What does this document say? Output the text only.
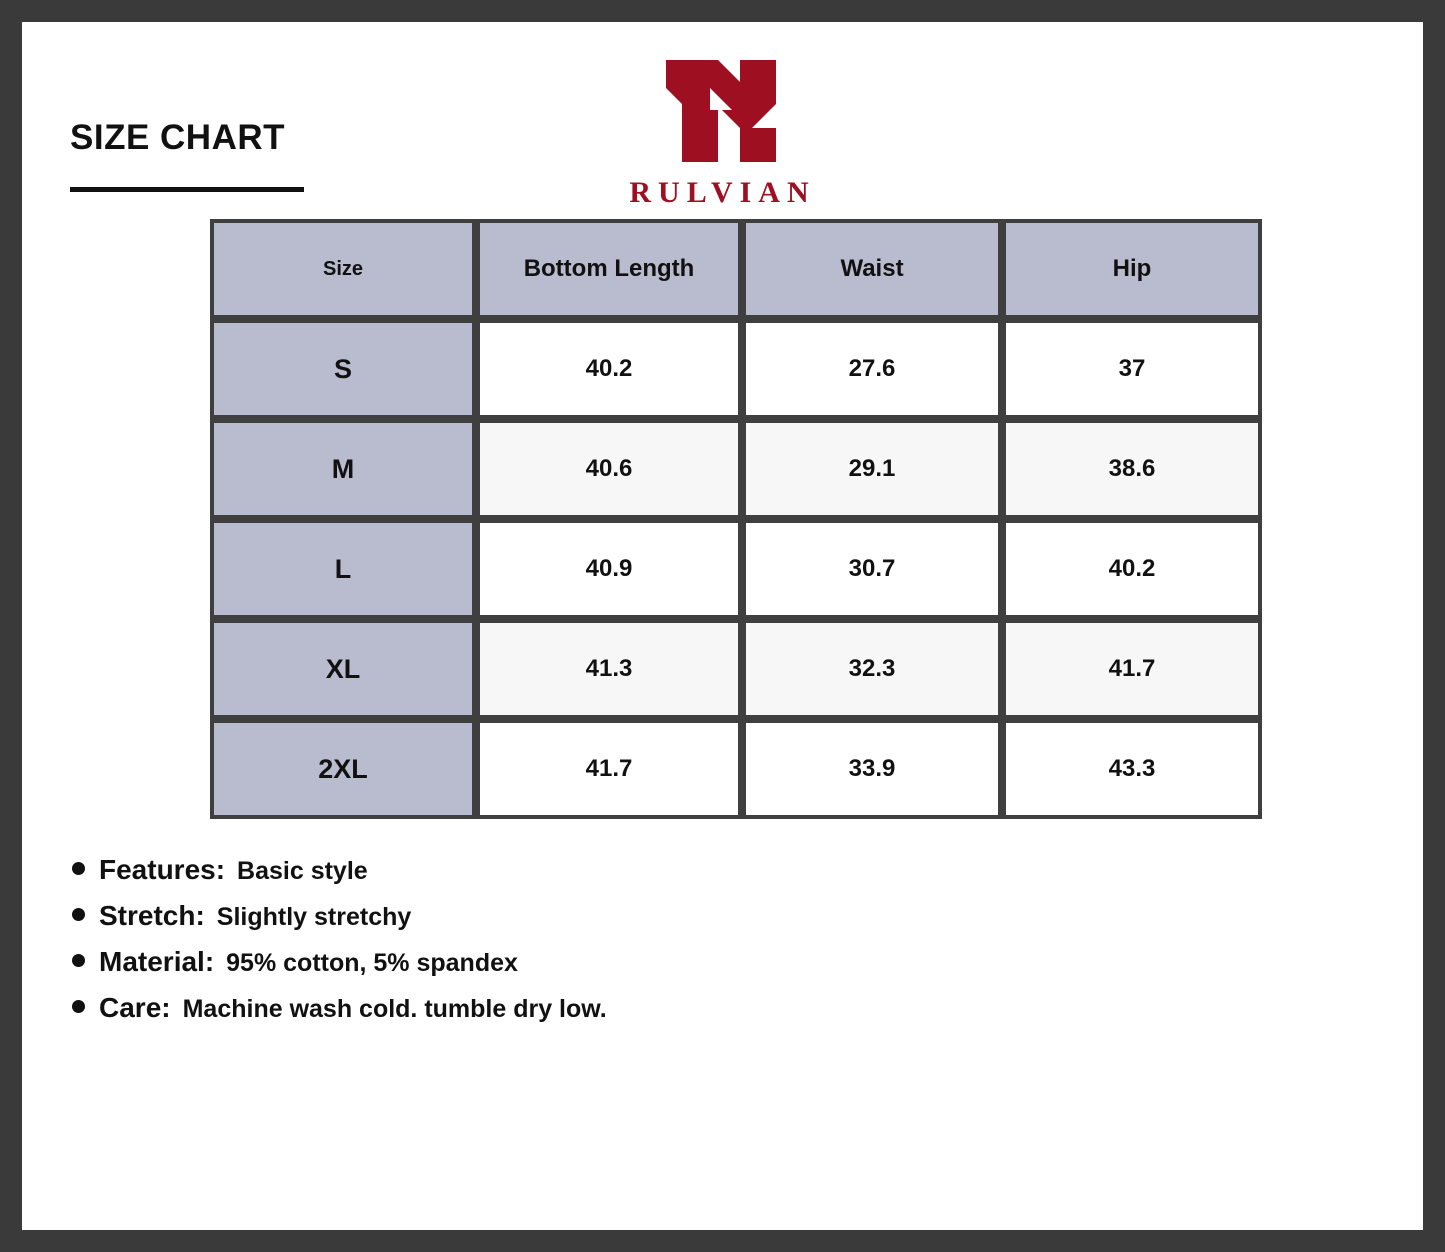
SIZE CHART
RULVIAN
Size	Bottom Length	Waist	Hip
S	40.2	27.6	37
M	40.6	29.1	38.6
L	40.9	30.7	40.2
XL	41.3	32.3	41.7
2XL	41.7	33.9	43.3
Features: Basic style
Stretch: Slightly stretchy
Material: 95% cotton, 5% spandex
Care: Machine wash cold. tumble dry low.
